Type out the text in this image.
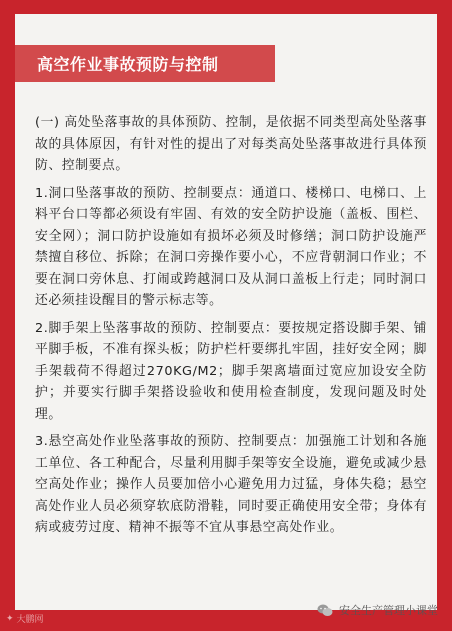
高空作业事故预防与控制

(一) 高处坠落事故的具体预防、控制，是依据不同类型高处坠落事故的具体原因，有针对性的提出了对每类高处坠落事故进行具体预防、控制要点。

1.洞口坠落事故的预防、控制要点：通道口、楼梯口、电梯口、上料平台口等都必须设有牢固、有效的安全防护设施（盖板、围栏、安全网）；洞口防护设施如有损坏必须及时修缮；洞口防护设施严禁擅自移位、拆除；在洞口旁操作要小心，不应背朝洞口作业；不要在洞口旁休息、打闹或跨越洞口及从洞口盖板上行走；同时洞口还必须挂设醒目的警示标志等。

2.脚手架上坠落事故的预防、控制要点：要按规定搭设脚手架、铺平脚手板，不准有探头板；防护栏杆要绑扎牢固，挂好安全网；脚手架载荷不得超过270KG/M2；脚手架离墙面过宽应加设安全防护；并要实行脚手架搭设验收和使用检查制度，发现问题及时处理。

3.悬空高处作业坠落事故的预防、控制要点：加强施工计划和各施工单位、各工种配合，尽量利用脚手架等安全设施，避免或减少悬空高处作业；操作人员要加倍小心避免用力过猛，身体失稳；悬空高处作业人员必须穿软底防滑鞋，同时要正确使用安全带；身体有病或疲劳过度、精神不振等不宜从事悬空高处作业。

✦ 大鹏网
安全生产管理小课堂
